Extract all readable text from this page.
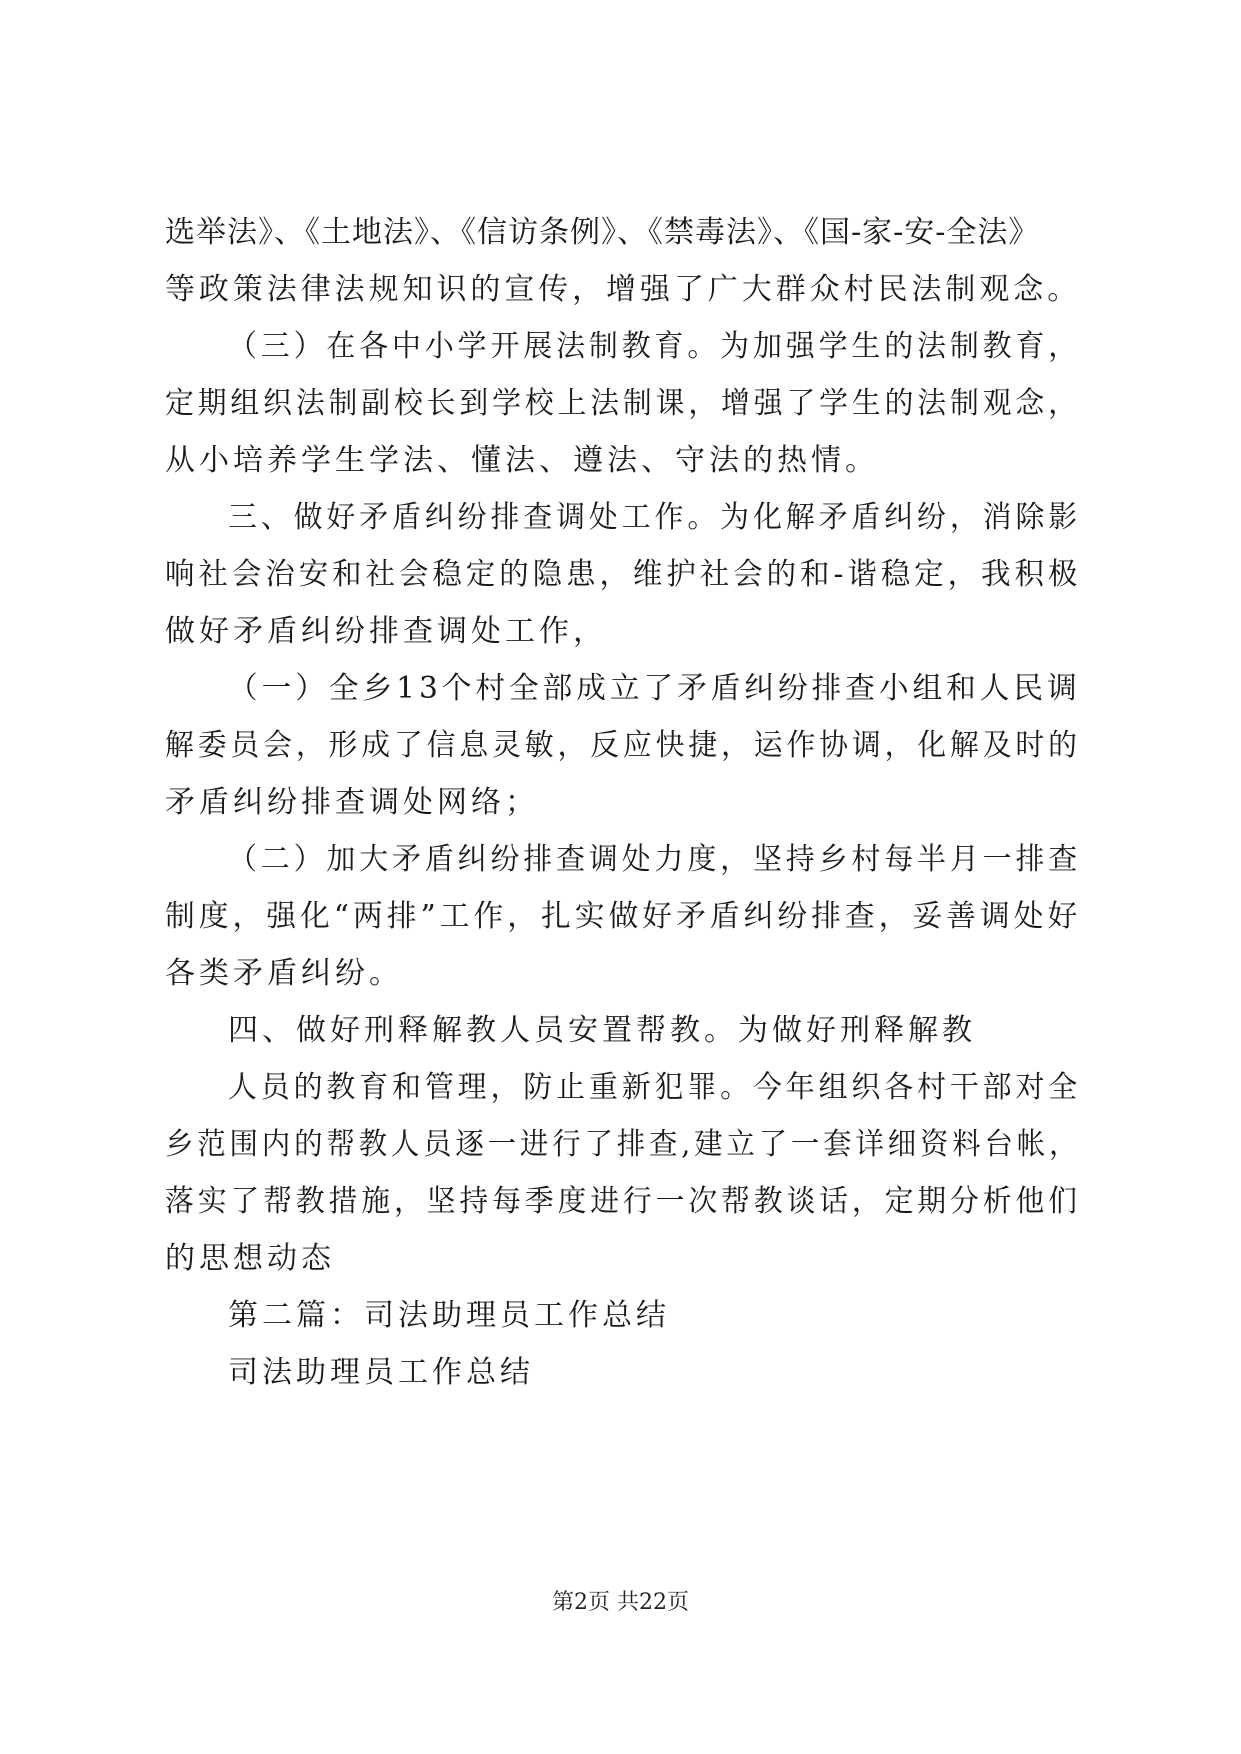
选举法》、《土地法》、《信访条例》、《禁毒法》、《国-家-安-全法》
等政策法律法规知识的宣传，增强了广大群众村民法制观念。
（三）在各中小学开展法制教育。为加强学生的法制教育，
定期组织法制副校长到学校上法制课，增强了学生的法制观念，
从小培养学生学法、懂法、遵法、守法的热情。
三、做好矛盾纠纷排查调处工作。为化解矛盾纠纷，消除影
响社会治安和社会稳定的隐患，维护社会的和-谐稳定，我积极
做好矛盾纠纷排查调处工作，
（一）全乡13个村全部成立了矛盾纠纷排查小组和人民调
解委员会，形成了信息灵敏，反应快捷，运作协调，化解及时的
矛盾纠纷排查调处网络；
（二）加大矛盾纠纷排查调处力度，坚持乡村每半月一排查
制度，强化“两排”工作，扎实做好矛盾纠纷排查，妥善调处好
各类矛盾纠纷。
四、做好刑释解教人员安置帮教。为做好刑释解教
人员的教育和管理，防止重新犯罪。今年组织各村干部对全
乡范围内的帮教人员逐一进行了排查,建立了一套详细资料台帐，
落实了帮教措施，坚持每季度进行一次帮教谈话，定期分析他们
的思想动态
第二篇：司法助理员工作总结
司法助理员工作总结
第2页 共22页
